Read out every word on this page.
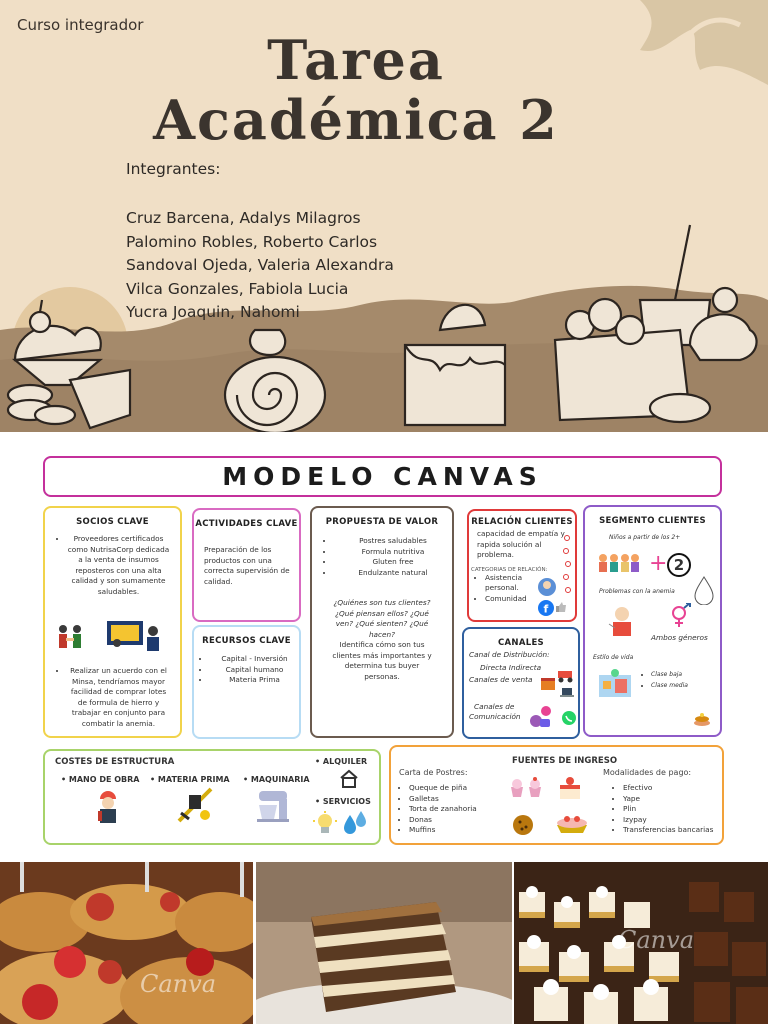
Curso integrador
Tarea
Académica 2
Integrantes:
Cruz Barcena, Adalys Milagros
Palomino Robles, Roberto Carlos
Sandoval Ojeda, Valeria Alexandra
Vilca Gonzales, Fabiola Lucia
Yucra Joaquin, Nahomi
MODELO CANVAS
SOCIOS CLAVE
• Proveedores certificados como NutrisaCorp dedicada a la venta de insumos reposteros con una alta calidad y son sumamente saludables.
• Realizar un acuerdo con el Minsa, tendríamos mayor facilidad de comprar lotes de formula de hierro y trabajar en conjunto para combatir la anemia.
ACTIVIDADES CLAVE
Preparación de los productos con una correcta supervisión de calidad.
RECURSOS CLAVE
• Capital - Inversión
• Capital humano
• Materia Prima
PROPUESTA DE VALOR
• Postres saludables
• Formula nutritiva
• Gluten free
• Endulzante natural
¿Quiénes son tus clientes? ¿Qué piensan ellos? ¿Qué ven? ¿Qué sienten? ¿Qué hacen?
Identifica cómo son tus clientes más importantes y determina tus buyer personas.
RELACIÓN CLIENTES
capacidad de empatía y rapida solución al problema.
CATEGORIAS DE RELACIÓN:
• Asistencia personal.
• Comunidad
f
CANALES
Canal de Distribución:
Directa Indirecta
Canales de venta
Canales de
Comunicación
SEGMENTO CLIENTES
Niños a partir de los 2+
+ 2
Problemas con la anemia
Ambos géneros
Estilo de vida
• Clase baja
• Clase media
COSTES DE ESTRUCTURA
• MANO DE OBRA • MATERIA PRIMA • MAQUINARIA
• ALQUILER
• SERVICIOS
FUENTES DE INGRESO
Carta de Postres:
• Queque de piña
• Galletas
• Torta de zanahoria
• Donas
• Muffins
Modalidades de pago:
• Efectivo
• Yape
• Plin
• Izypay
• Transferencias bancarias
Canva
Canva
